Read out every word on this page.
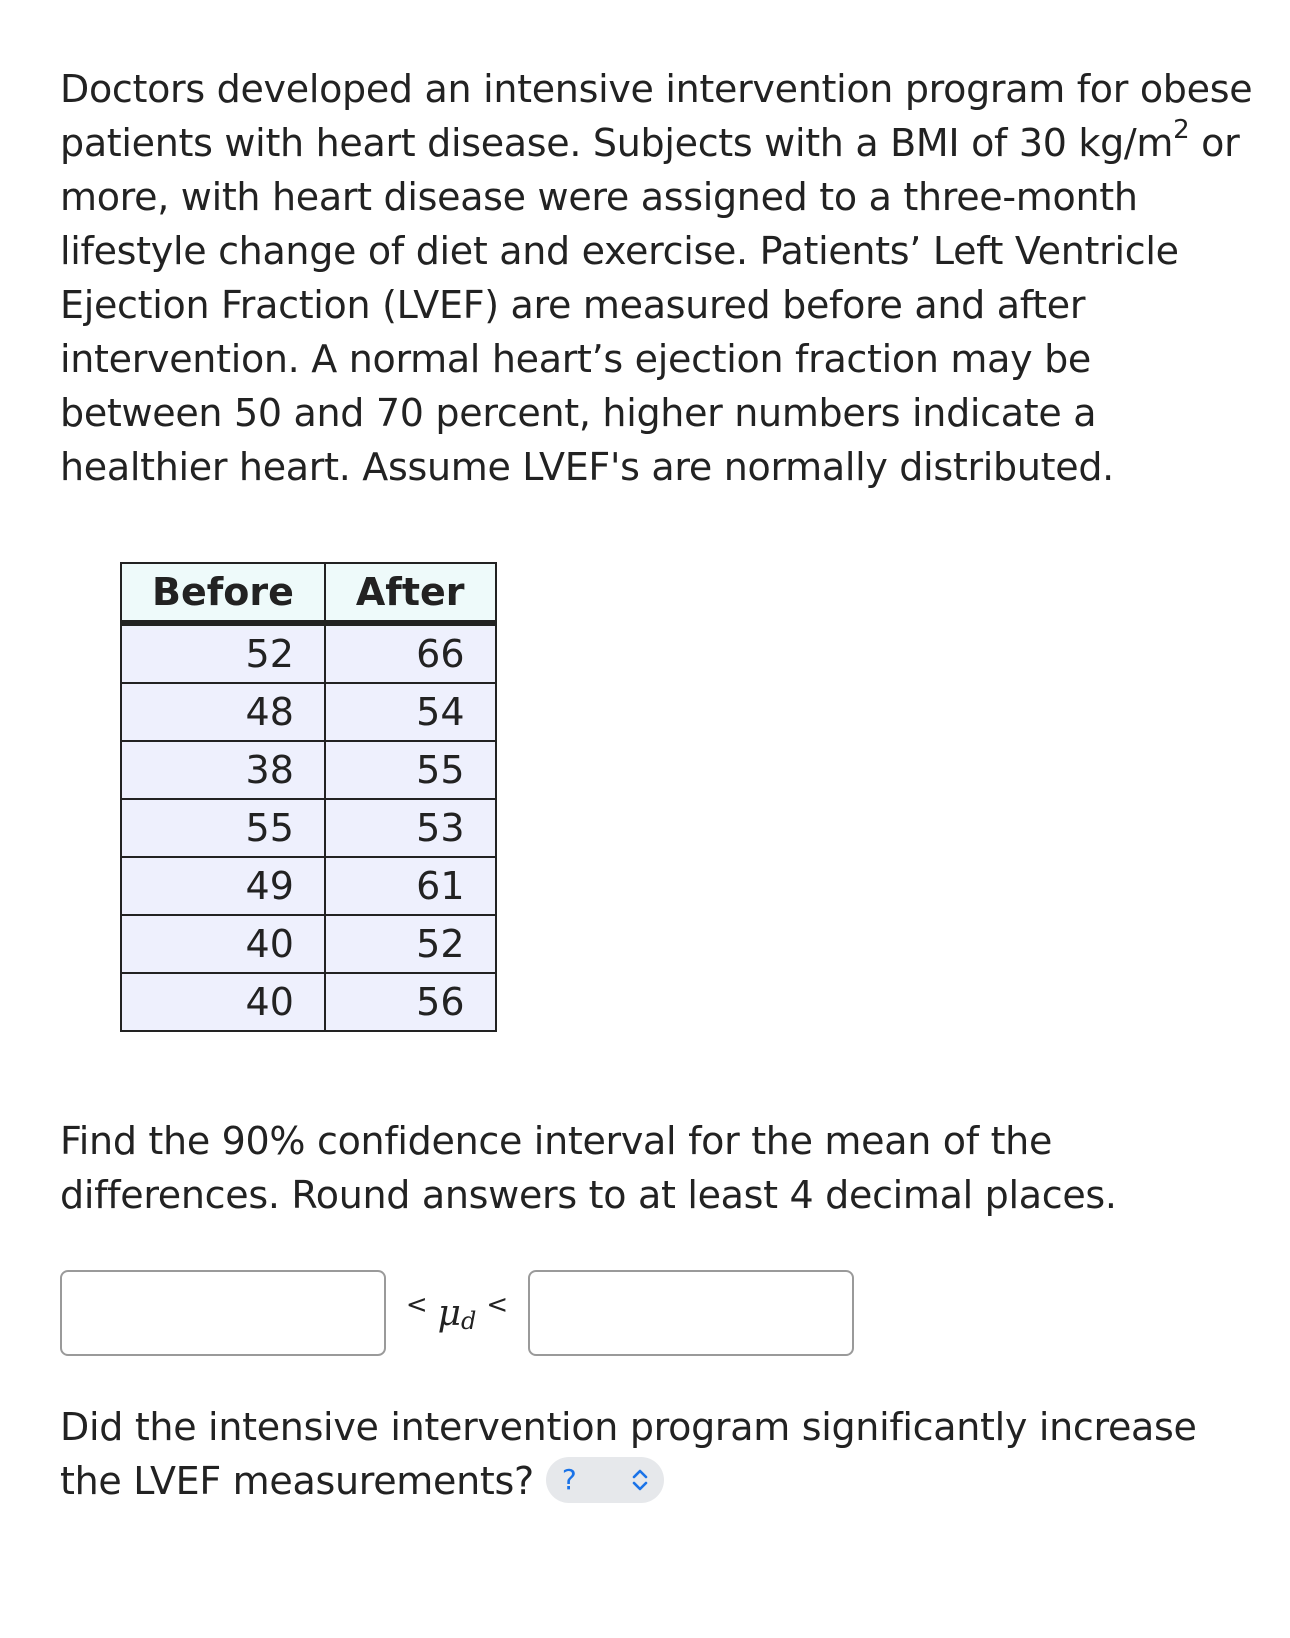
Doctors developed an intensive intervention program for obese patients with heart disease. Subjects with a BMI of 30 $kg/m^2$ or more, with heart disease were assigned to a three-month lifestyle change of diet and exercise. Patients’ Left Ventricle Ejection Fraction (LVEF) are measured before and after intervention. A normal heart’s ejection fraction may be between 50 and 70 percent, higher numbers indicate a healthier heart. Assume LVEF's are normally distributed.

Before	After
52	66
48	54
38	55
55	53
49	61
40	52
40	56

Find the 90% confidence interval for the mean of the differences. Round answers to at least 4 decimal places.

< μ d
<

Did the intensive intervention program significantly increase the LVEF measurements? ?
